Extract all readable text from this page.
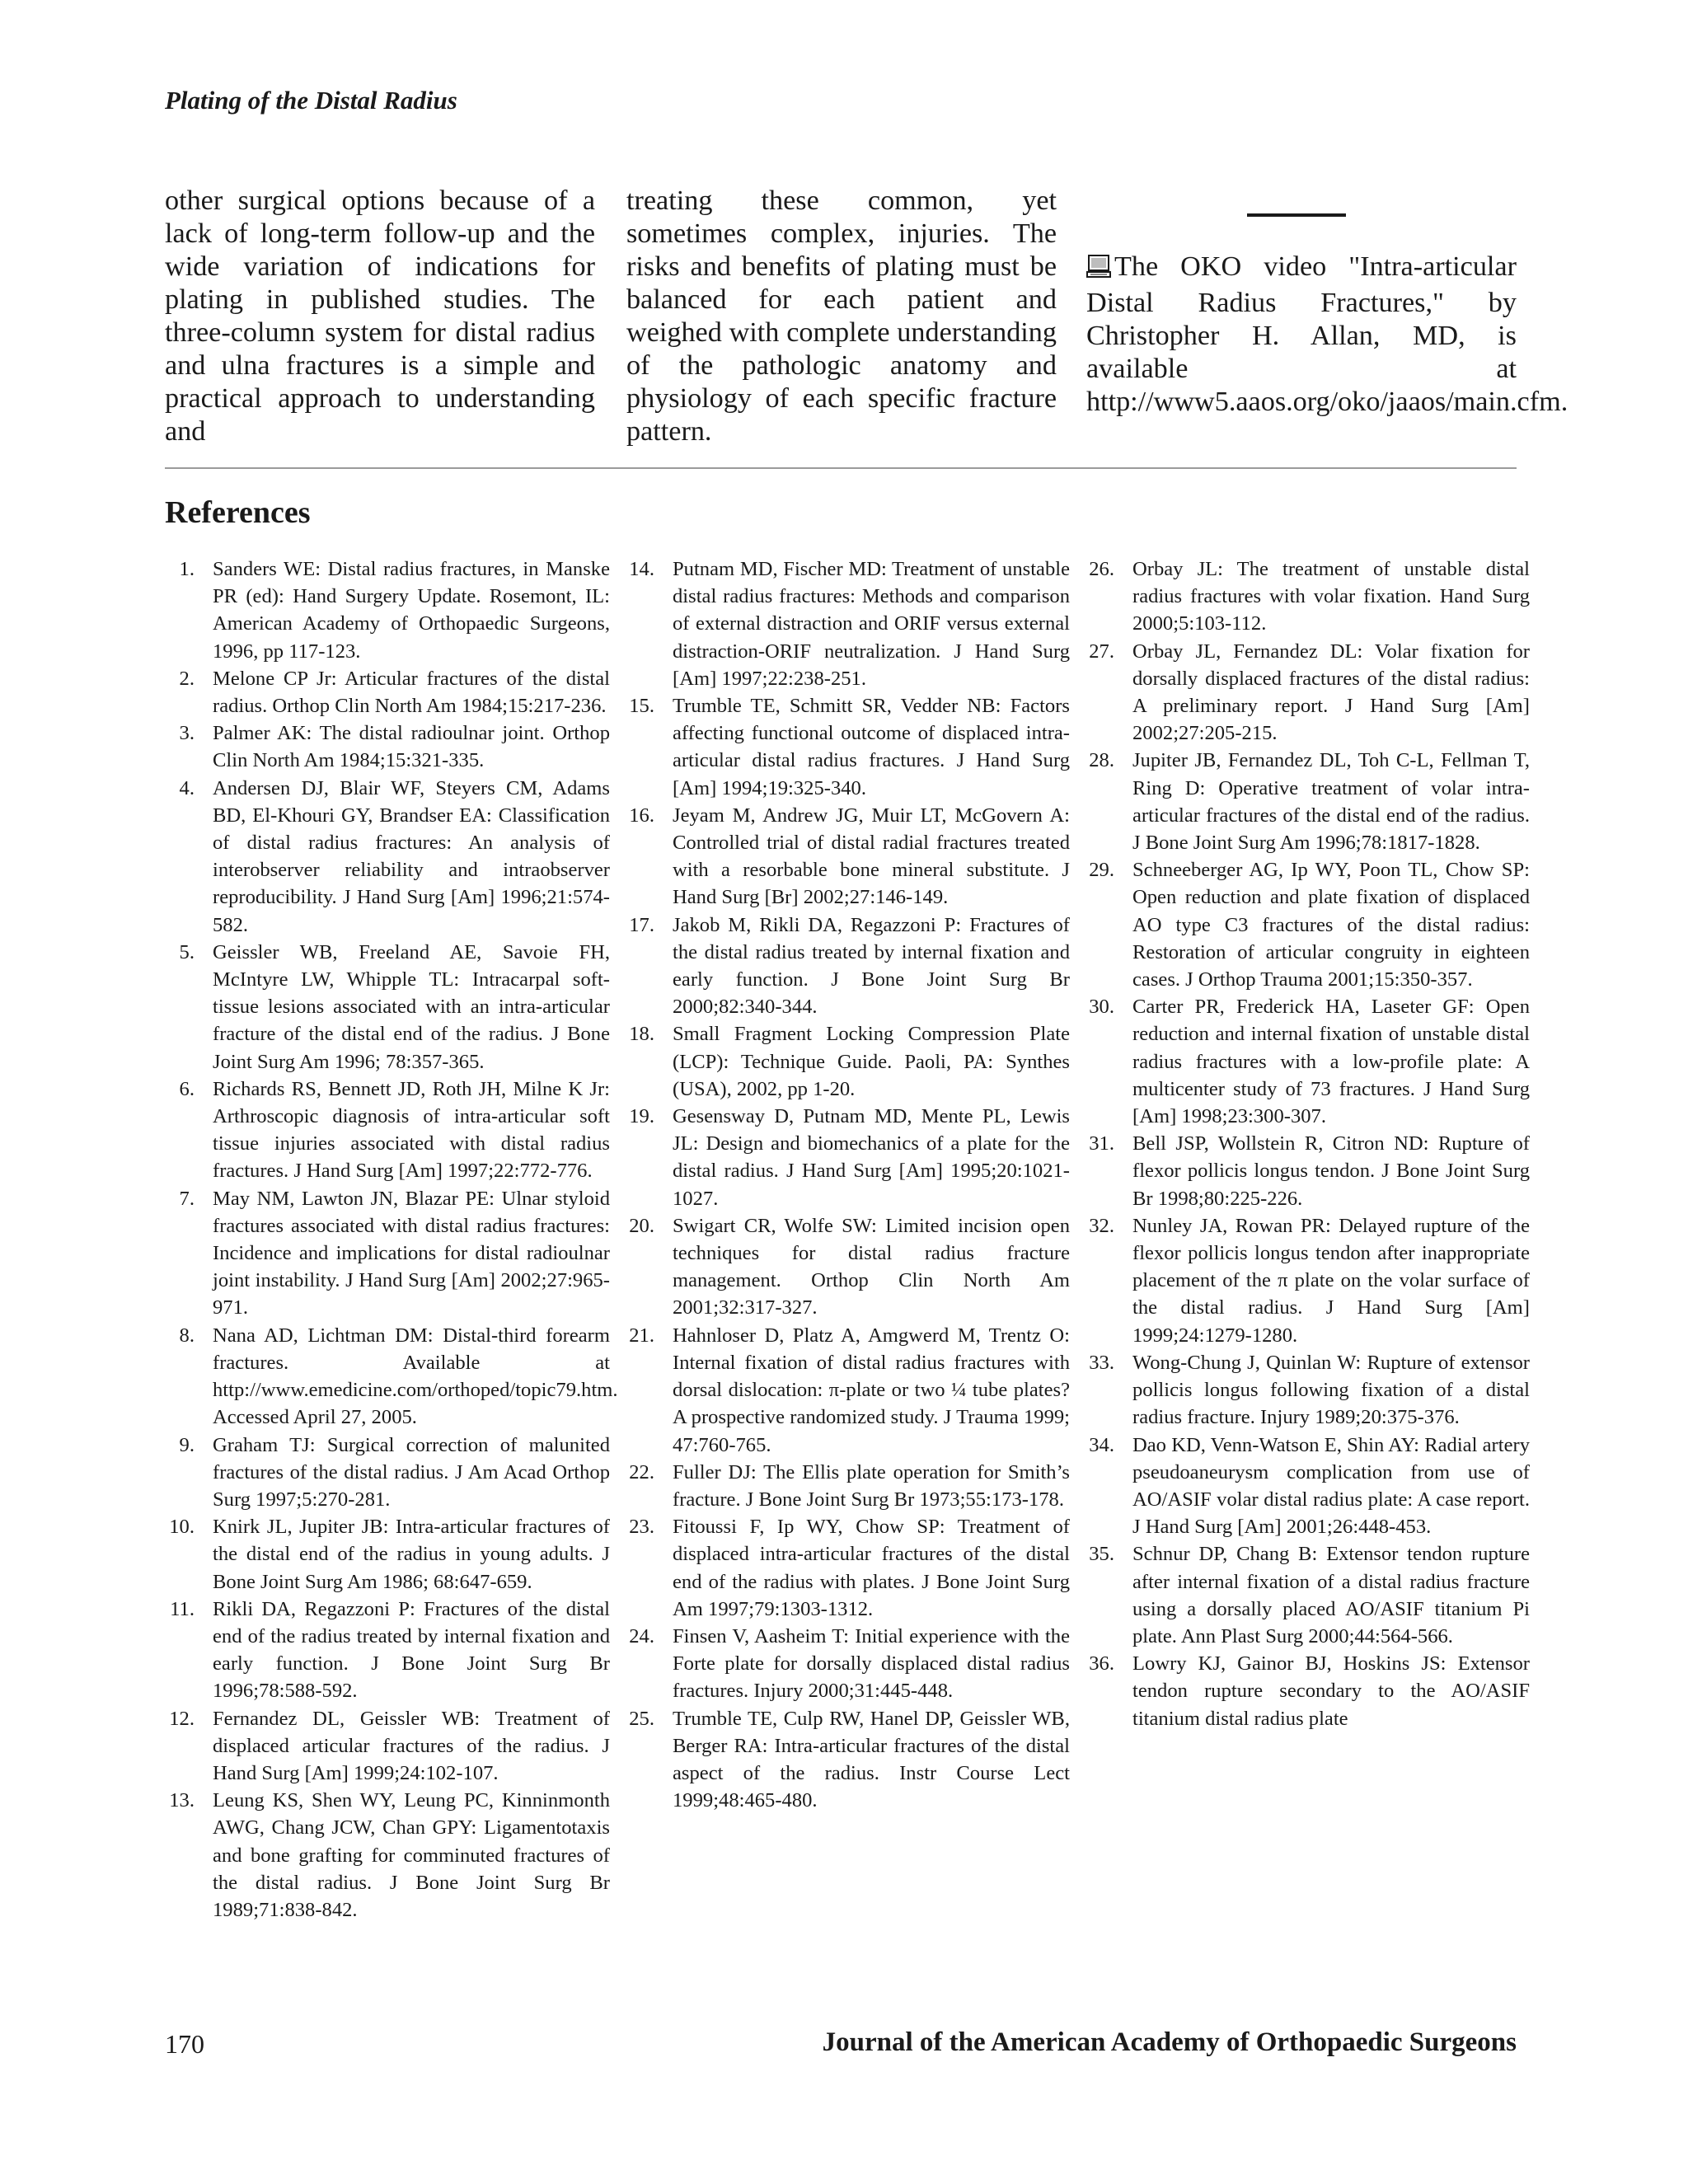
Plating of the Distal Radius
other surgical options because of a lack of long-term follow-up and the wide variation of indications for plating in published studies. The three-column system for distal radius and ulna fractures is a simple and practical approach to understanding and
treating these common, yet sometimes complex, injuries. The risks and benefits of plating must be balanced for each patient and weighed with complete understanding of the pathologic anatomy and physiology of each specific fracture pattern.
The OKO video "Intra-articular Distal Radius Fractures," by Christopher H. Allan, MD, is available at http://www5.aaos.org/oko/jaaos/main.cfm.
References
1. Sanders WE: Distal radius fractures, in Manske PR (ed): Hand Surgery Update. Rosemont, IL: American Academy of Orthopaedic Surgeons, 1996, pp 117-123.
2. Melone CP Jr: Articular fractures of the distal radius. Orthop Clin North Am 1984;15:217-236.
3. Palmer AK: The distal radioulnar joint. Orthop Clin North Am 1984;15:321-335.
4. Andersen DJ, Blair WF, Steyers CM, Adams BD, El-Khouri GY, Brandser EA: Classification of distal radius fractures: An analysis of interobserver reliability and intraobserver reproducibility. J Hand Surg [Am] 1996;21:574-582.
5. Geissler WB, Freeland AE, Savoie FH, McIntyre LW, Whipple TL: Intracarpal soft-tissue lesions associated with an intra-articular fracture of the distal end of the radius. J Bone Joint Surg Am 1996; 78:357-365.
6. Richards RS, Bennett JD, Roth JH, Milne K Jr: Arthroscopic diagnosis of intra-articular soft tissue injuries associated with distal radius fractures. J Hand Surg [Am] 1997;22:772-776.
7. May NM, Lawton JN, Blazar PE: Ulnar styloid fractures associated with distal radius fractures: Incidence and implications for distal radioulnar joint instability. J Hand Surg [Am] 2002;27:965-971.
8. Nana AD, Lichtman DM: Distal-third forearm fractures. Available at http://www.emedicine.com/orthoped/topic79.htm. Accessed April 27, 2005.
9. Graham TJ: Surgical correction of malunited fractures of the distal radius. J Am Acad Orthop Surg 1997;5:270-281.
10. Knirk JL, Jupiter JB: Intra-articular fractures of the distal end of the radius in young adults. J Bone Joint Surg Am 1986; 68:647-659.
11. Rikli DA, Regazzoni P: Fractures of the distal end of the radius treated by internal fixation and early function. J Bone Joint Surg Br 1996;78:588-592.
12. Fernandez DL, Geissler WB: Treatment of displaced articular fractures of the radius. J Hand Surg [Am] 1999;24:102-107.
13. Leung KS, Shen WY, Leung PC, Kinninmonth AWG, Chang JCW, Chan GPY: Ligamentotaxis and bone grafting for comminuted fractures of the distal radius. J Bone Joint Surg Br 1989;71:838-842.
14. Putnam MD, Fischer MD: Treatment of unstable distal radius fractures: Methods and comparison of external distraction and ORIF versus external distraction-ORIF neutralization. J Hand Surg [Am] 1997;22:238-251.
15. Trumble TE, Schmitt SR, Vedder NB: Factors affecting functional outcome of displaced intra-articular distal radius fractures. J Hand Surg [Am] 1994;19:325-340.
16. Jeyam M, Andrew JG, Muir LT, McGovern A: Controlled trial of distal radial fractures treated with a resorbable bone mineral substitute. J Hand Surg [Br] 2002;27:146-149.
17. Jakob M, Rikli DA, Regazzoni P: Fractures of the distal radius treated by internal fixation and early function. J Bone Joint Surg Br 2000;82:340-344.
18. Small Fragment Locking Compression Plate (LCP): Technique Guide. Paoli, PA: Synthes (USA), 2002, pp 1-20.
19. Gesensway D, Putnam MD, Mente PL, Lewis JL: Design and biomechanics of a plate for the distal radius. J Hand Surg [Am] 1995;20:1021-1027.
20. Swigart CR, Wolfe SW: Limited incision open techniques for distal radius fracture management. Orthop Clin North Am 2001;32:317-327.
21. Hahnloser D, Platz A, Amgwerd M, Trentz O: Internal fixation of distal radius fractures with dorsal dislocation: π-plate or two ¼ tube plates? A prospective randomized study. J Trauma 1999; 47:760-765.
22. Fuller DJ: The Ellis plate operation for Smith’s fracture. J Bone Joint Surg Br 1973;55:173-178.
23. Fitoussi F, Ip WY, Chow SP: Treatment of displaced intra-articular fractures of the distal end of the radius with plates. J Bone Joint Surg Am 1997;79:1303-1312.
24. Finsen V, Aasheim T: Initial experience with the Forte plate for dorsally displaced distal radius fractures. Injury 2000;31:445-448.
25. Trumble TE, Culp RW, Hanel DP, Geissler WB, Berger RA: Intra-articular fractures of the distal aspect of the radius. Instr Course Lect 1999;48:465-480.
26. Orbay JL: The treatment of unstable distal radius fractures with volar fixation. Hand Surg 2000;5:103-112.
27. Orbay JL, Fernandez DL: Volar fixation for dorsally displaced fractures of the distal radius: A preliminary report. J Hand Surg [Am] 2002;27:205-215.
28. Jupiter JB, Fernandez DL, Toh C-L, Fellman T, Ring D: Operative treatment of volar intra-articular fractures of the distal end of the radius. J Bone Joint Surg Am 1996;78:1817-1828.
29. Schneeberger AG, Ip WY, Poon TL, Chow SP: Open reduction and plate fixation of displaced AO type C3 fractures of the distal radius: Restoration of articular congruity in eighteen cases. J Orthop Trauma 2001;15:350-357.
30. Carter PR, Frederick HA, Laseter GF: Open reduction and internal fixation of unstable distal radius fractures with a low-profile plate: A multicenter study of 73 fractures. J Hand Surg [Am] 1998;23:300-307.
31. Bell JSP, Wollstein R, Citron ND: Rupture of flexor pollicis longus tendon. J Bone Joint Surg Br 1998;80:225-226.
32. Nunley JA, Rowan PR: Delayed rupture of the flexor pollicis longus tendon after inappropriate placement of the π plate on the volar surface of the distal radius. J Hand Surg [Am] 1999;24:1279-1280.
33. Wong-Chung J, Quinlan W: Rupture of extensor pollicis longus following fixation of a distal radius fracture. Injury 1989;20:375-376.
34. Dao KD, Venn-Watson E, Shin AY: Radial artery pseudoaneurysm complication from use of AO/ASIF volar distal radius plate: A case report. J Hand Surg [Am] 2001;26:448-453.
35. Schnur DP, Chang B: Extensor tendon rupture after internal fixation of a distal radius fracture using a dorsally placed AO/ASIF titanium Pi plate. Ann Plast Surg 2000;44:564-566.
36. Lowry KJ, Gainor BJ, Hoskins JS: Extensor tendon rupture secondary to the AO/ASIF titanium distal radius plate
170	Journal of the American Academy of Orthopaedic Surgeons
